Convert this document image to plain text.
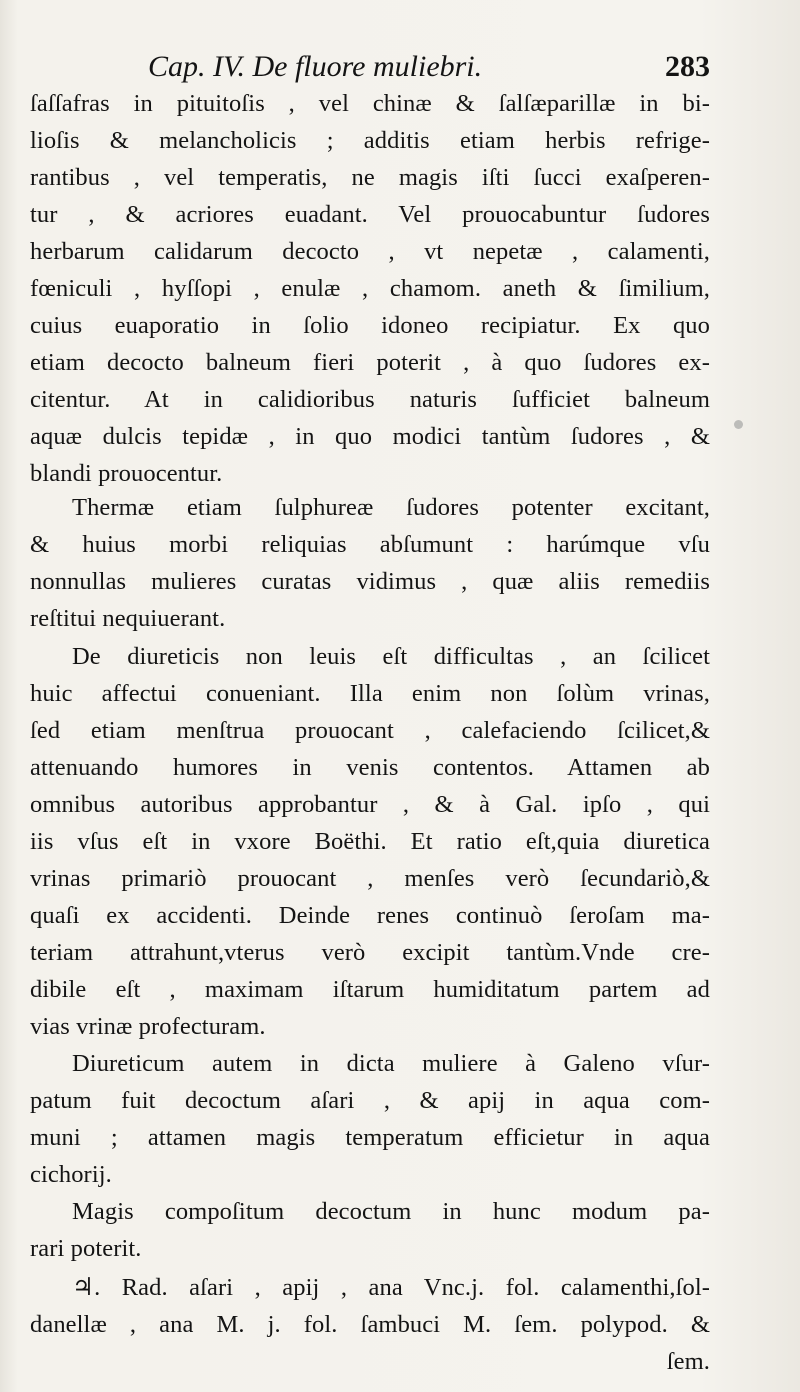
Cap. IV. De fluore muliebri.	283
ſaſſafras in pituitoſis , vel chinæ & ſalſæparillæ in bi-
lioſis & melancholicis ; additis etiam herbis refrige-
rantibus , vel temperatis, ne magis iſti ſucci exaſperen-
tur , & acriores euadant. Vel prouocabuntur ſudores
herbarum calidarum decocto , vt nepetæ , calamenti,
fœniculi , hyſſopi , enulæ , chamom. aneth & ſimilium,
cuius euaporatio in ſolio idoneo recipiatur. Ex quo
etiam decocto balneum fieri poterit , à quo ſudores ex-
citentur. At in calidioribus naturis ſufficiet balneum
aquæ dulcis tepidæ , in quo modici tantùm ſudores , &
blandi prouocentur.
Thermæ etiam ſulphureæ ſudores potenter excitant,
& huius morbi reliquias abſumunt : harúmque vſu
nonnullas mulieres curatas vidimus , quæ aliis remediis
reſtitui nequiuerant.
De diureticis non leuis eſt difficultas , an ſcilicet
huic affectui conueniant. Illa enim non ſolùm vrinas,
ſed etiam menſtrua prouocant , calefaciendo ſcilicet,&
attenuando humores in venis contentos. Attamen ab
omnibus autoribus approbantur , & à Gal. ipſo , qui
iis vſus eſt in vxore Boëthi. Et ratio eſt,quia diuretica
vrinas primariò prouocant , menſes verò ſecundariò,&
quaſi ex accidenti. Deinde renes continuò ſeroſam ma-
teriam attrahunt,vterus verò excipit tantùm.Vnde cre-
dibile eſt , maximam iſtarum humiditatum partem ad
vias vrinæ profecturam.
Diureticum autem in dicta muliere à Galeno vſur-
patum fuit decoctum aſari , & apij in aqua com-
muni ; attamen magis temperatum efficietur in aqua
cichorij.
Magis compoſitum decoctum in hunc modum pa-
rari poterit.
♃. Rad. aſari , apij , ana Vnc.j. fol. calamenthi,ſol-
danellæ , ana M. j. fol. ſambuci M. ſem. polypod. &
ſem.
